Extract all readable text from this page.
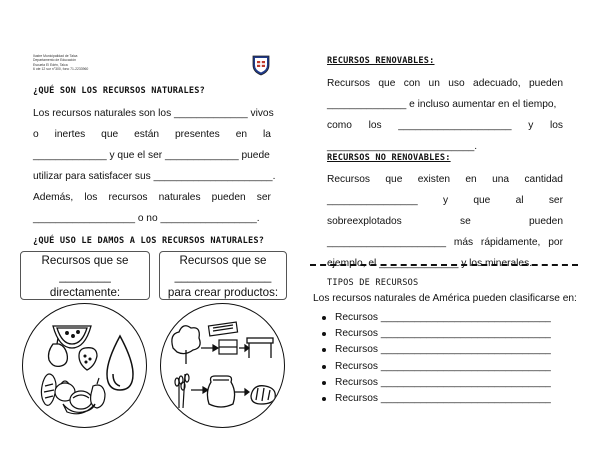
Ilustre Municipalidad de Talca
Departamento de Educación
Escuela El Edén, Talca
6 ote 12 sur n°300, fono 71-2233960
¿QUÉ SON LOS RECURSOS NATURALES?
Los recursos naturales son los _____________ vivos
o inertes que están presentes en la
_____________ y que el ser _____________ puede
utilizar para satisfacer sus _____________________.
Además, los recursos naturales pueden ser
__________________ o no _________________.
¿QUÉ USO LE DAMOS A LOS RECURSOS NATURALES?
Recursos que se
________
directamente:
Recursos que se
_______________
para crear productos:
RECURSOS RENOVABLES:
Recursos que con un uso adecuado, pueden
______________ e incluso aumentar en el tiempo,
como los ____________________ y los
__________________________.
RECURSOS NO RENOVABLES:
Recursos que existen en una cantidad
________________ y que al ser
sobreexplotados	se	pueden
_____________________ más rápidamente, por
ejemplo, el ______________ y los minerales.
TIPOS DE RECURSOS
Los recursos naturales de América pueden clasificarse en:
Recursos ______________________________
Recursos ______________________________
Recursos ______________________________
Recursos ______________________________
Recursos ______________________________
Recursos ______________________________
